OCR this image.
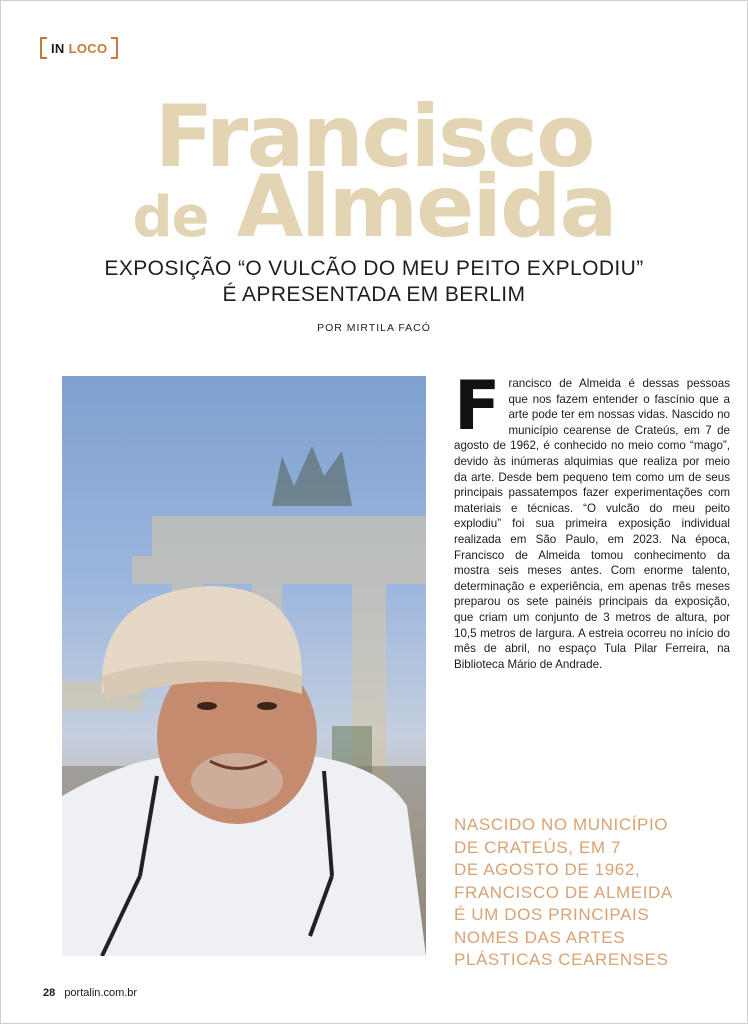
IN LOCO
Francisco
de Almeida
EXPOSIÇÃO “O VULCÃO DO MEU PEITO EXPLODIU”
É APRESENTADA EM BERLIM
POR MIRTILA FACÓ
F rancisco de Almeida é dessas pessoas que nos fazem entender o fascínio que a arte pode ter em nossas vidas. Nascido no município cearense de Crateús, em 7 de agosto de 1962, é conhecido no meio como “mago”, devido às inúmeras alquimias que realiza por meio da arte. Desde bem pequeno tem como um de seus principais passatempos fazer experimentações com materiais e técnicas. “O vulcão do meu peito explodiu” foi sua primeira exposição individual realizada em São Paulo, em 2023. Na época, Francisco de Almeida tomou conhecimento da mostra seis meses antes. Com enorme talento, determinação e experiência, em apenas três meses preparou os sete painéis principais da exposição, que criam um conjunto de 3 metros de altura, por 10,5 metros de largura. A estreia ocorreu no início do mês de abril, no espaço Tula Pilar Ferreira, na Biblioteca Mário de Andrade.
NASCIDO NO MUNICÍPIO
DE CRATEÚS, EM 7
DE AGOSTO DE 1962,
FRANCISCO DE ALMEIDA
É UM DOS PRINCIPAIS
NOMES DAS ARTES
PLÁSTICAS CEARENSES
28 portalin.com.br
